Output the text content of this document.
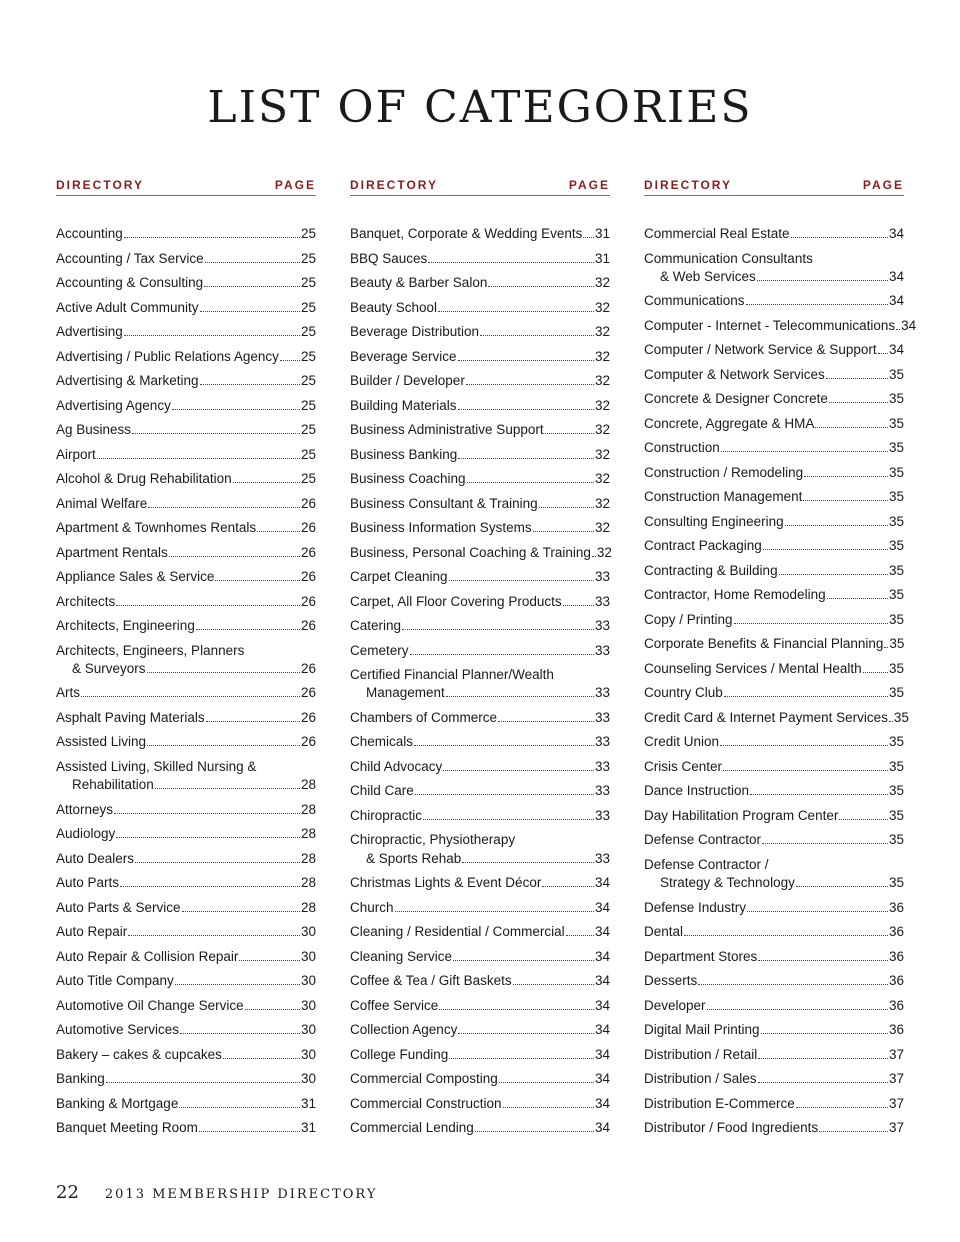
LIST OF CATEGORIES
DIRECTORY	PAGE
Accounting	25
Accounting / Tax Service	25
Accounting & Consulting	25
Active Adult Community	25
Advertising	25
Advertising / Public Relations Agency 25
Advertising & Marketing	25
Advertising Agency	25
Ag Business	25
Airport	25
Alcohol & Drug Rehabilitation	25
Animal Welfare	26
Apartment & Townhomes Rentals	26
Apartment Rentals	26
Appliance Sales & Service	26
Architects	26
Architects, Engineering	26
Architects, Engineers, Planners
& Surveyors	26
Arts	26
Asphalt Paving Materials	26
Assisted Living	26
Assisted Living, Skilled Nursing &
Rehabilitation	28
Attorneys	28
Audiology	28
Auto Dealers	28
Auto Parts	28
Auto Parts & Service	28
Auto Repair	30
Auto Repair & Collision Repair	30
Auto Title Company	30
Automotive Oil Change Service	30
Automotive Services	30
Bakery – cakes & cupcakes	30
Banking	30
Banking & Mortgage	31
Banquet Meeting Room	31
DIRECTORY	PAGE
Banquet, Corporate & Wedding Events 31
BBQ Sauces	31
Beauty & Barber Salon	32
Beauty School	32
Beverage Distribution	32
Beverage Service	32
Builder / Developer	32
Building Materials	32
Business Administrative Support	32
Business Banking	32
Business Coaching	32
Business Consultant & Training	32
Business Information Systems	32
Business, Personal Coaching & Training 32
Carpet Cleaning	33
Carpet, All Floor Covering Products 33
Catering	33
Cemetery	33
Certified Financial Planner/Wealth
Management	33
Chambers of Commerce	33
Chemicals	33
Child Advocacy	33
Child Care	33
Chiropractic	33
Chiropractic, Physiotherapy
& Sports Rehab	33
Christmas Lights & Event Décor	34
Church	34
Cleaning / Residential / Commercial 34
Cleaning Service	34
Coffee & Tea / Gift Baskets	34
Coffee Service	34
Collection Agency	34
College Funding	34
Commercial Composting	34
Commercial Construction	34
Commercial Lending	34
DIRECTORY	PAGE
Commercial Real Estate	34
Communication Consultants
& Web Services	34
Communications	34
Computer - Internet - Telecommunications 34
Computer / Network Service & Support 34
Computer & Network Services	35
Concrete & Designer Concrete	35
Concrete, Aggregate & HMA	35
Construction	35
Construction / Remodeling	35
Construction Management	35
Consulting Engineering	35
Contract Packaging	35
Contracting & Building	35
Contractor, Home Remodeling	35
Copy / Printing	35
Corporate Benefits & Financial Planning 35
Counseling Services / Mental Health 35
Country Club	35
Credit Card & Internet Payment Services 35
Credit Union	35
Crisis Center	35
Dance Instruction	35
Day Habilitation Program Center	35
Defense Contractor	35
Defense Contractor /
Strategy & Technology	35
Defense Industry	36
Dental	36
Department Stores	36
Desserts	36
Developer	36
Digital Mail Printing	36
Distribution / Retail	37
Distribution / Sales	37
Distribution E-Commerce	37
Distributor / Food Ingredients	37
22 2013 MEMBERSHIP DIRECTORY
